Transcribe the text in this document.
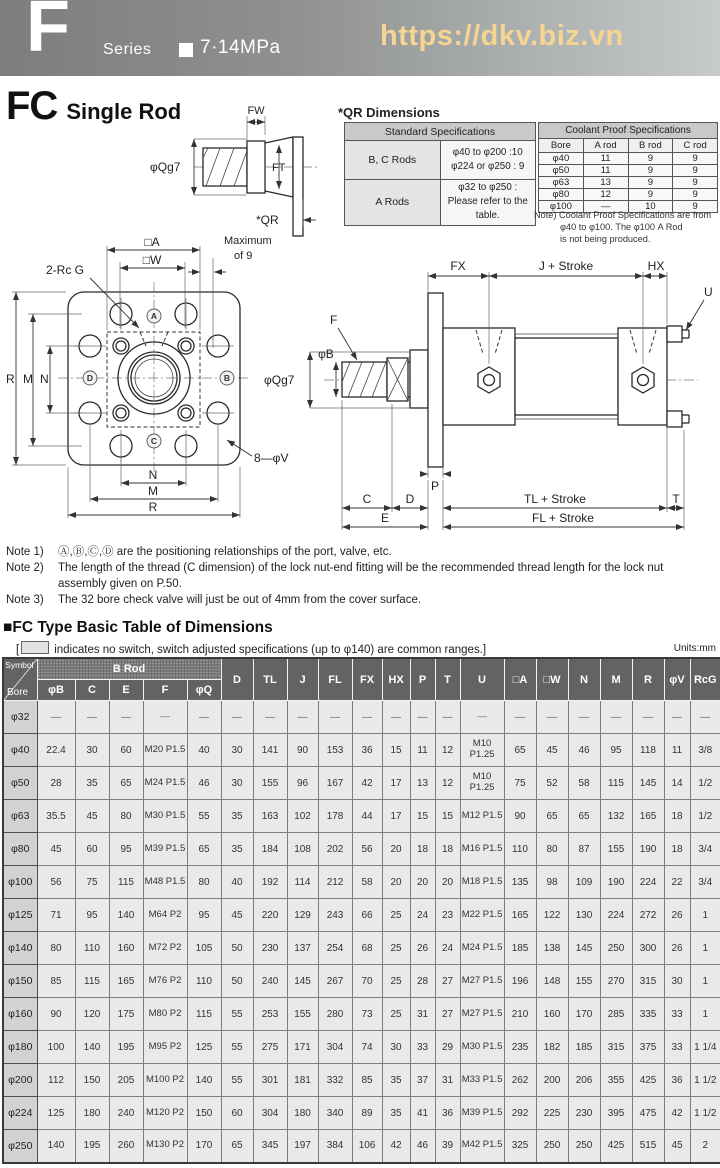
F Series	7·14MPa	https://dkv.biz.vn
FC Single Rod	FW
φQg7	FT
*QR
*QR Dimensions
Standard Specifications	
B, C Rods	φ40 to φ200 :10
φ224 or φ250 : 9

A Rods	φ32 to φ250 :
Please refer to the table.
Coolant Proof Specifications			
Bore	A rod	B rod	C rod
φ40	11	9	9
φ50	11	9	9
φ63	13	9	9
φ80	12	9	9
φ100	—	10	9
Note) Coolant Proof Specifications are from
φ40 to φ100. The φ100 A Rod
is not being produced.
A
B
C
D
□A
□W
Maximum
of 9
2-Rc G
R M N
N
M
R
8—φV
FX	J + Stroke	HX
U
F
φQg7
φB
P
C	D	TL + Stroke	T
E	FL + Stroke
Note 1)	Ⓐ,Ⓑ,Ⓒ,Ⓓ are the positioning relationships of the port, valve, etc.
Note 2)	The length of the thread (C dimension) of the lock nut-end fitting will be the recommended thread length for the lock nut assembly given on P.50.
Note 3)	The 32 bore check valve will just be out of 4mm from the cover surface.
■FC Type Basic Table of Dimensions
[	indicates no switch, switch adjusted specifications (up to φ140) are common ranges.]	Units:mm
Symbol
Bore	B Rod					D	TL	J	FL	FX	HX	P	T	U	□A	□W	N	M	R	φV	RcG
	φB	C	E	F	φQ																
φ32	—	—	—	—	—	—	—	—	—	—	—	—	—	—	—	—	—	—	—	—	—
φ40	22.4	30	60	M20 P1.5	40	30	141	90	153	36	15	11	12	M10 P1.25	65	45	46	95	118	11	3/8
φ50	28	35	65	M24 P1.5	46	30	155	96	167	42	17	13	12	M10 P1.25	75	52	58	115	145	14	1/2
φ63	35.5	45	80	M30 P1.5	55	35	163	102	178	44	17	15	15	M12 P1.5	90	65	65	132	165	18	1/2
φ80	45	60	95	M39 P1.5	65	35	184	108	202	56	20	18	18	M16 P1.5	110	80	87	155	190	18	3/4
φ100	56	75	115	M48 P1.5	80	40	192	114	212	58	20	20	20	M18 P1.5	135	98	109	190	224	22	3/4
φ125	71	95	140	M64 P2	95	45	220	129	243	66	25	24	23	M22 P1.5	165	122	130	224	272	26	1
φ140	80	110	160	M72 P2	105	50	230	137	254	68	25	26	24	M24 P1.5	185	138	145	250	300	26	1
φ150	85	115	165	M76 P2	110	50	240	145	267	70	25	28	27	M27 P1.5	196	148	155	270	315	30	1
φ160	90	120	175	M80 P2	115	55	253	155	280	73	25	31	27	M27 P1.5	210	160	170	285	335	33	1
φ180	100	140	195	M95 P2	125	55	275	171	304	74	30	33	29	M30 P1.5	235	182	185	315	375	33	1 1/4
φ200	112	150	205	M100 P2	140	55	301	181	332	85	35	37	31	M33 P1.5	262	200	206	355	425	36	1 1/2
φ224	125	180	240	M120 P2	150	60	304	180	340	89	35	41	36	M39 P1.5	292	225	230	395	475	42	1 1/2
φ250	140	195	260	M130 P2	170	65	345	197	384	106	42	46	39	M42 P1.5	325	250	250	425	515	45	2
